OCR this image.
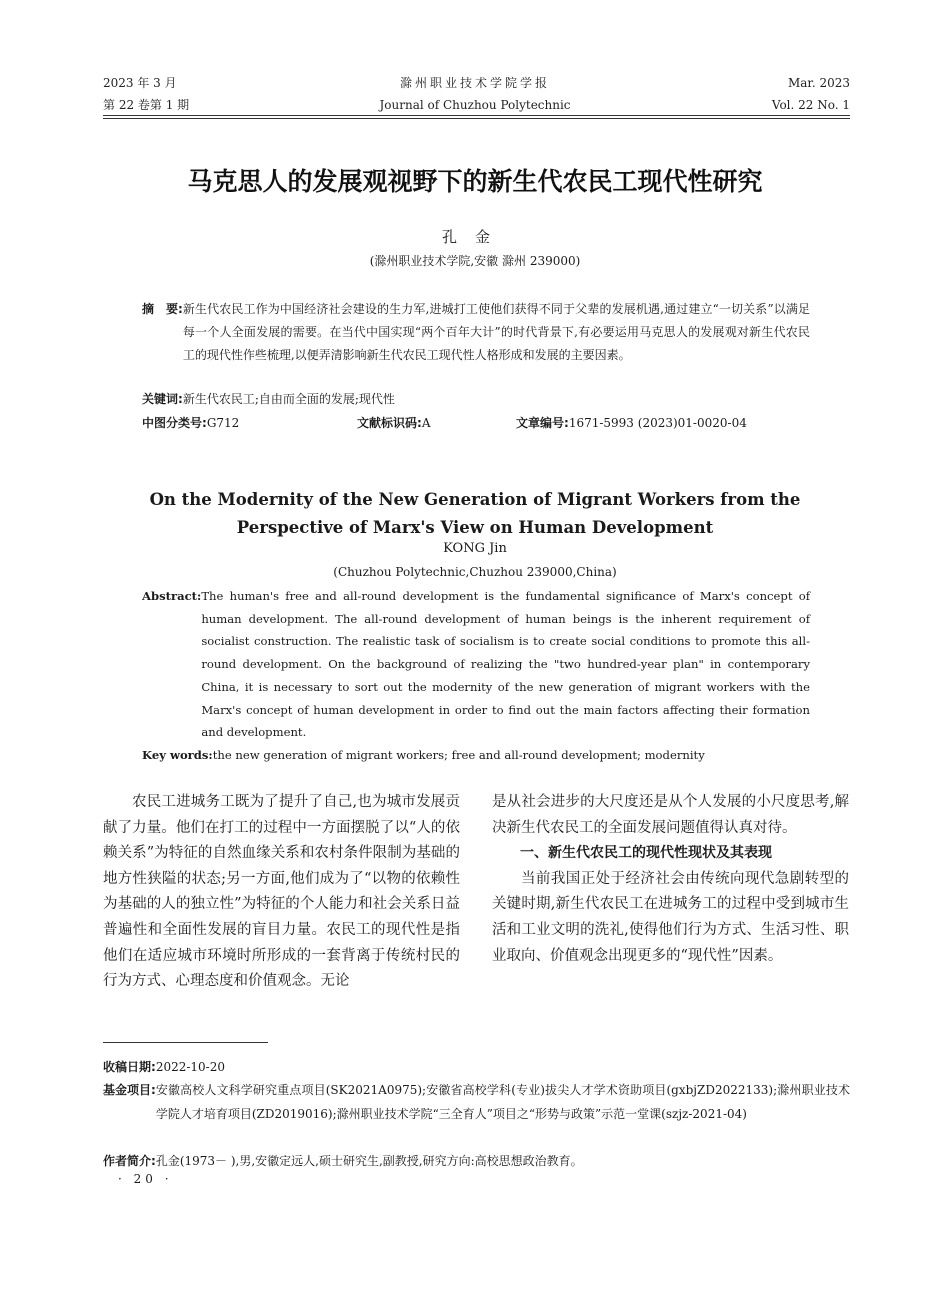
2023 年 3 月
第 22 卷第 1 期
滁州职业技术学院学报
Journal of Chuzhou Polytechnic
Mar. 2023
Vol. 22 No. 1
马克思人的发展观视野下的新生代农民工现代性研究
孔金
(滁州职业技术学院,安徽 滁州 239000)
摘　要: 新生代农民工作为中国经济社会建设的生力军,进城打工使他们获得不同于父辈的发展机遇,通过建立“一切关系”以满足每一个人全面发展的需要。在当代中国实现“两个百年大计”的时代背景下,有必要运用马克思人的发展观对新生代农民工的现代性作些梳理,以便弄清影响新生代农民工现代性人格形成和发展的主要因素。
关键词:新生代农民工;自由而全面的发展;现代性
中图分类号:G712	文献标识码:A	文章编号:1671-5993 (2023)01-0020-04
On the Modernity of the New Generation of Migrant Workers from the Perspective of Marx's View on Human Development
KONG Jin
(Chuzhou Polytechnic,Chuzhou 239000,China)
Abstract: The human's free and all-round development is the fundamental significance of Marx's concept of human development. The all-round development of human beings is the inherent requirement of socialist construction. The realistic task of socialism is to create social conditions to promote this all-round development. On the background of realizing the "two hundred-year plan" in contemporary China, it is necessary to sort out the modernity of the new generation of migrant workers with the Marx's concept of human development in order to find out the main factors affecting their formation and development.
Key words:the new generation of migrant workers; free and all-round development; modernity

农民工进城务工既为了提升了自己,也为城市发展贡献了力量。他们在打工的过程中一方面摆脱了以“人的依赖关系”为特征的自然血缘关系和农村条件限制为基础的地方性狭隘的状态;另一方面,他们成为了“以物的依赖性为基础的人的独立性”为特征的个人能力和社会关系日益普遍性和全面性发展的盲目力量。农民工的现代性是指他们在适应城市环境时所形成的一套背离于传统村民的行为方式、心理态度和价值观念。无论

是从社会进步的大尺度还是从个人发展的小尺度思考,解决新生代农民工的全面发展问题值得认真对待。

一、新生代农民工的现代性现状及其表现

当前我国正处于经济社会由传统向现代急剧转型的关键时期,新生代农民工在进城务工的过程中受到城市生活和工业文明的洗礼,使得他们行为方式、生活习性、职业取向、价值观念出现更多的“现代性”因素。

收稿日期: 2022-10-20
基金项目: 安徽高校人文科学研究重点项目(SK2021A0975);安徽省高校学科(专业)拔尖人才学术资助项目(gxbjZD2022133);滁州职业技术学院人才培育项目(ZD2019016);滁州职业技术学院“三全育人”项目之“形势与政策”示范一堂课(szjz-2021-04)
作者简介: 孔金(1973－ ),男,安徽定远人,硕士研究生,副教授,研究方向:高校思想政治教育。
· 20 ·
